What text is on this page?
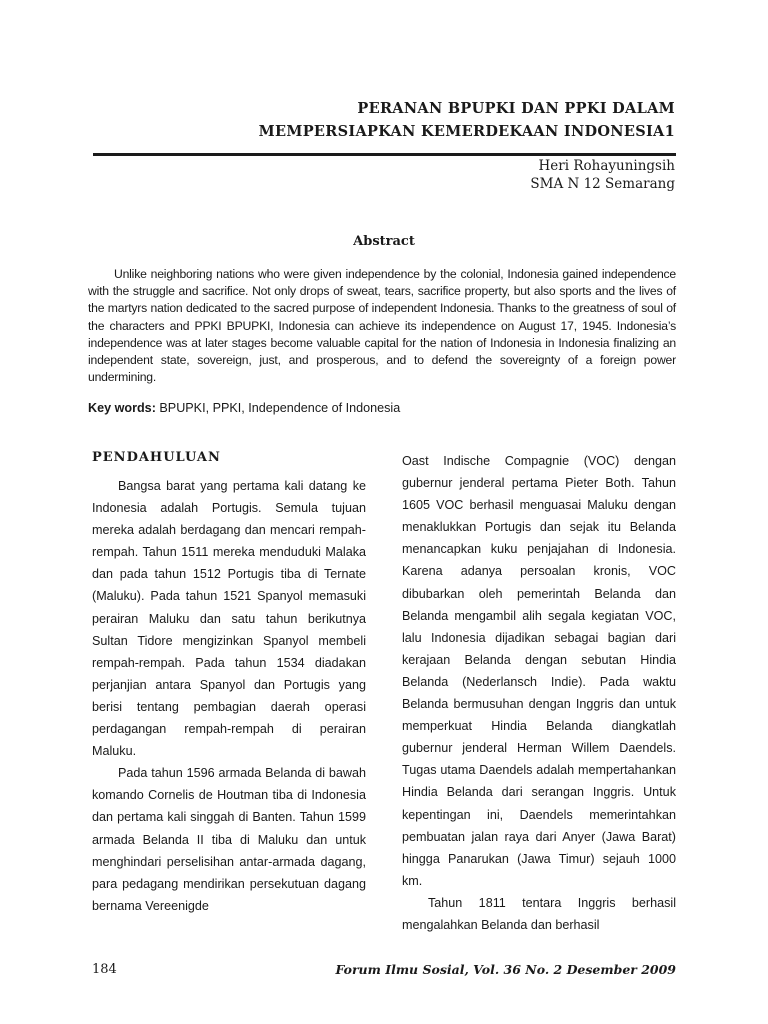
PERANAN BPUPKI DAN PPKI DALAM
MEMPERSIAPKAN KEMERDEKAAN INDONESIA1
Heri Rohayuningsih
SMA N 12 Semarang
Abstract

Unlike neighboring nations who were given independence by the colonial, Indonesia gained independence with the struggle and sacrifice. Not only drops of sweat, tears, sacrifice property, but also sports and the lives of the martyrs nation dedicated to the sacred purpose of independent Indonesia. Thanks to the greatness of soul of the characters and PPKI BPUPKI, Indonesia can achieve its independence on August 17, 1945. Indonesia’s independence was at later stages become valuable capital for the nation of Indonesia in Indonesia finalizing an independent state, sovereign, just, and prosperous, and to defend the sovereignty of a foreign power undermining.

Key words: BPUPKI, PPKI, Independence of Indonesia
PENDAHULUAN

Bangsa barat yang pertama kali datang ke Indonesia adalah Portugis. Semula tujuan mereka adalah berdagang dan mencari rempah-rempah. Tahun 1511 mereka menduduki Malaka dan pada tahun 1512 Portugis tiba di Ternate (Maluku). Pada tahun 1521 Spanyol memasuki perairan Maluku dan satu tahun berikutnya Sultan Tidore mengizinkan Spanyol membeli rempah-rempah. Pada tahun 1534 diadakan perjanjian antara Spanyol dan Portugis yang berisi tentang pembagian daerah operasi perdagangan rempah-rempah di perairan Maluku.

Pada tahun 1596 armada Belanda di bawah komando Cornelis de Houtman tiba di Indonesia dan pertama kali singgah di Banten. Tahun 1599 armada Belanda II tiba di Maluku dan untuk menghindari perselisihan antar-armada dagang, para pedagang mendirikan persekutuan dagang bernama Vereenigde

Oast Indische Compagnie (VOC) dengan gubernur jenderal pertama Pieter Both. Tahun 1605 VOC berhasil menguasai Maluku dengan menaklukkan Portugis dan sejak itu Belanda menancapkan kuku penjajahan di Indonesia. Karena adanya persoalan kronis, VOC dibubarkan oleh pemerintah Belanda dan Belanda mengambil alih segala kegiatan VOC, lalu Indonesia dijadikan sebagai bagian dari kerajaan Belanda dengan sebutan Hindia Belanda (Nederlansch Indie). Pada waktu Belanda bermusuhan dengan Inggris dan untuk memperkuat Hindia Belanda diangkatlah gubernur jenderal Herman Willem Daendels. Tugas utama Daendels adalah mempertahankan Hindia Belanda dari serangan Inggris. Untuk kepentingan ini, Daendels memerintahkan pembuatan jalan raya dari Anyer (Jawa Barat) hingga Panarukan (Jawa Timur) sejauh 1000 km.

Tahun 1811 tentara Inggris berhasil mengalahkan Belanda dan berhasil

184	Forum Ilmu Sosial, Vol. 36 No. 2 Desember 2009
